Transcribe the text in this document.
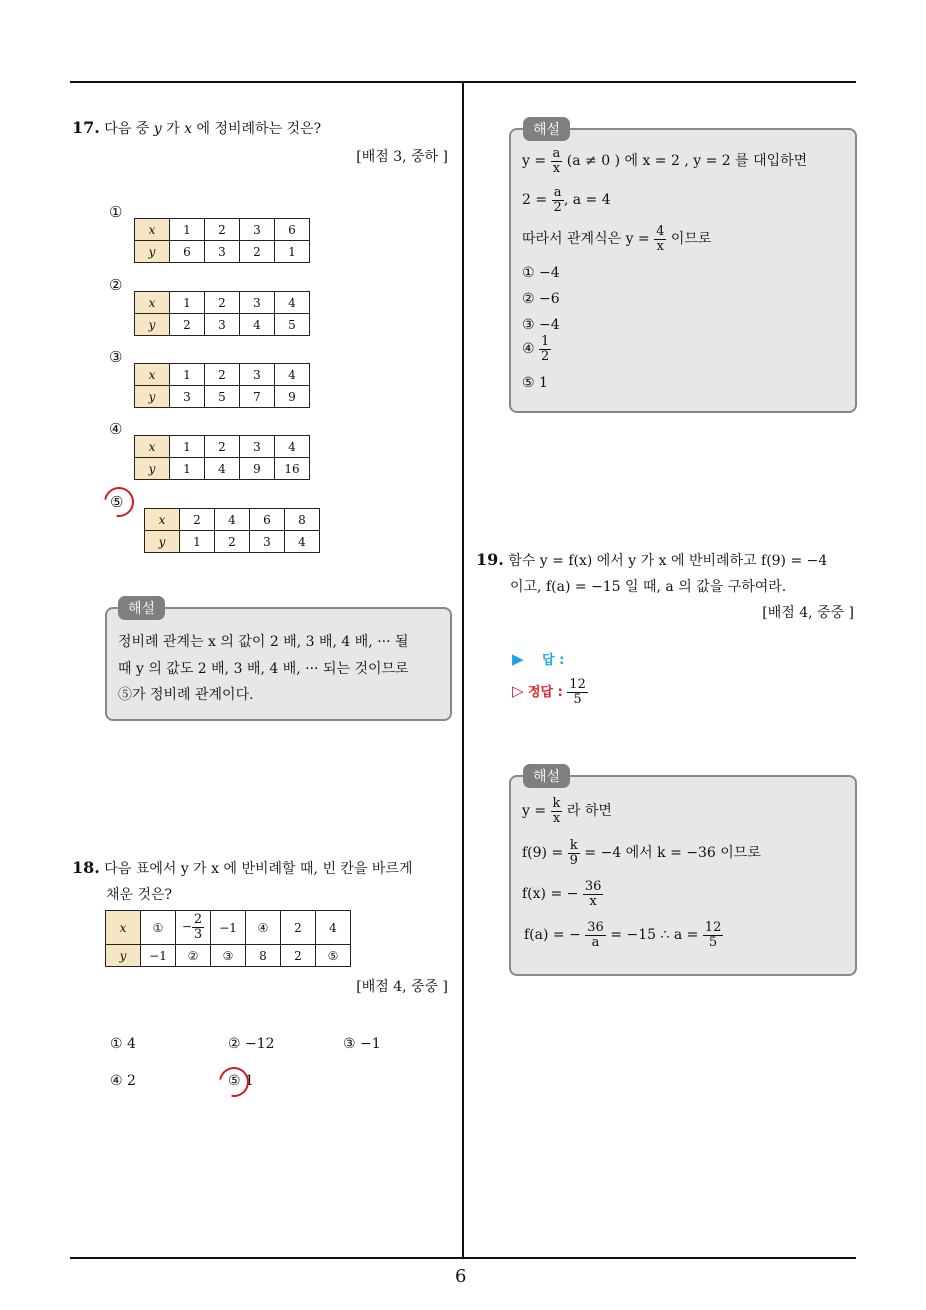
6
17. 다음 중 y 가 x 에 정비례하는 것은?
[배점 3, 중하 ]
①
x	1	2	3	6
y	6	3	2	1
②
x	1	2	3	4
y	2	3	4	5
③
x	1	2	3	4
y	3	5	7	9
④
x	1	2	3	4
y	1	4	9	16
⑤
x	2	4	6	8
y	1	2	3	4
해설
정비례 관계는 x 의 값이 2 배, 3 배, 4 배, ··· 될
때 y 의 값도 2 배, 3 배, 4 배, ··· 되는 것이므로
⑤가 정비례 관계이다.
18. 다음 표에서 y 가 x 에 반비례할 때, 빈 칸을 바르게
채운 것은?
x	①	− $\frac{2}{3}$	−1	④	2	4
y	−1	②	③	8	2	⑤
[배점 4, 중중 ]
① 4	② −12	③ −1
④ 2	⑤ 1
해설
$y = \frac{a}{x} (a \ne 0$ ) 에 x = 2 , y = 2 를 대입하면
$2 = \frac{a}{2}$ , a = 4
따라서 관계식은 $y = \frac{4}{x}$ 이므로
① −4
② −6
③ −4
④ $\frac{1}{2}$
⑤ 1
19. 함수 y = f(x) 에서 y 가 x 에 반비례하고 f(9) = −4
이고, f(a) = −15 일 때, a 의 값을 구하여라.
[배점 4, 중중 ]
▶ 답 :
▷ 정답 : $\frac{12}{5}$
해설
$y = \frac{k}{x}$ 라 하면
$f(9) = \frac{k}{9} = -4$ 에서 k = −36 이므로
f(x) = − $\frac{36}{x}$
f(a) = − $\frac{36}{a} = -15$ ∴ $a = \frac{12}{5}$
